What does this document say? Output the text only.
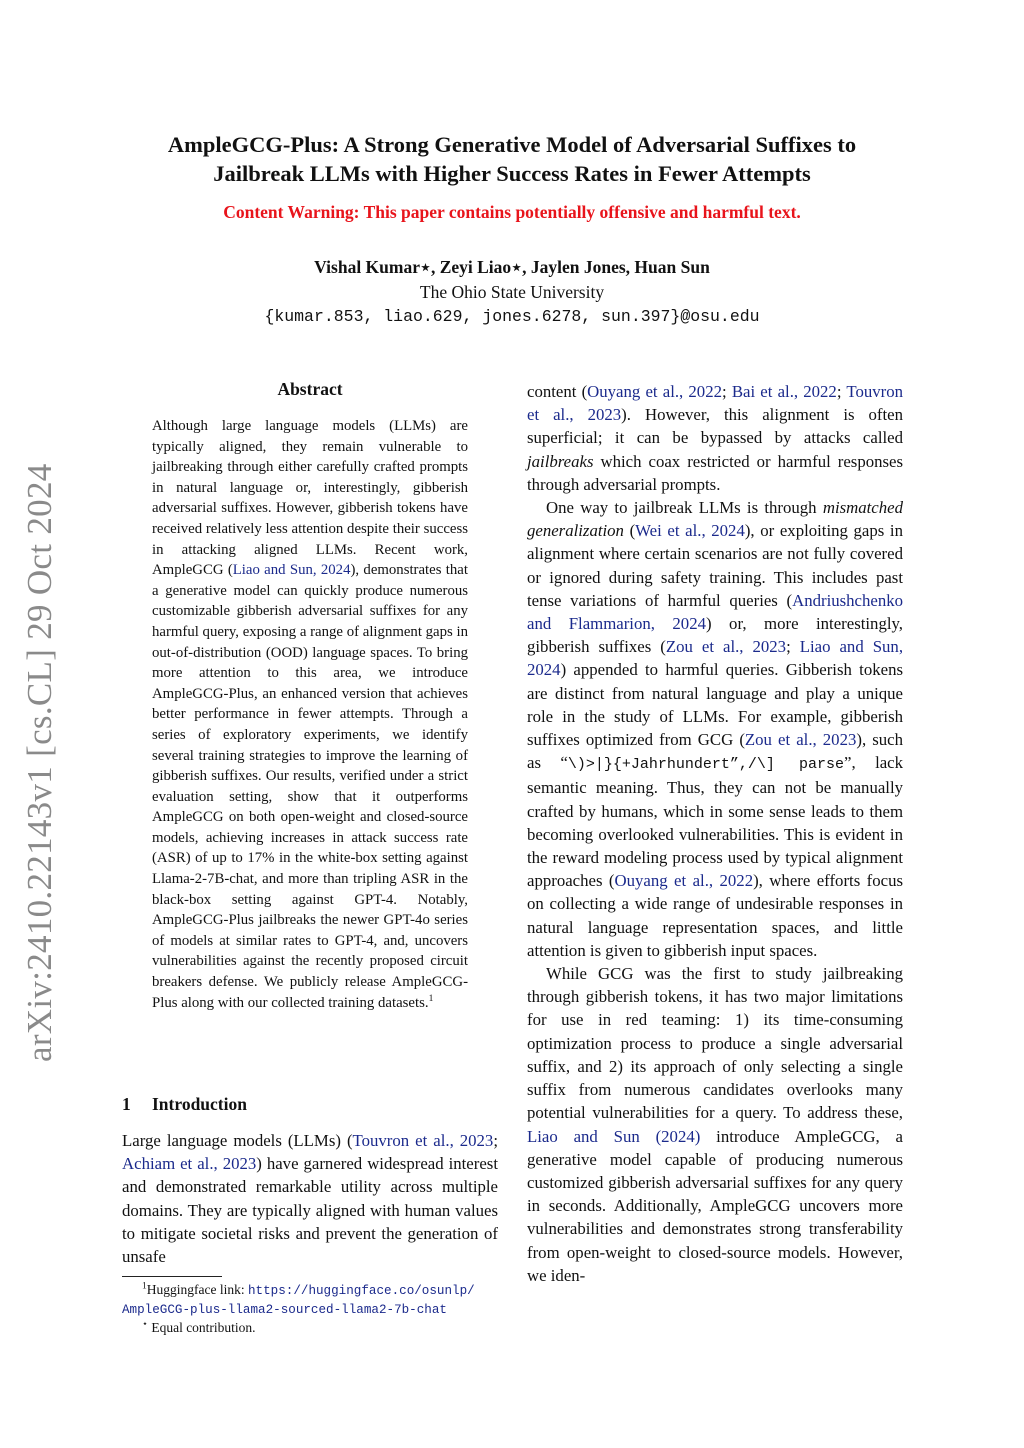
AmpleGCG-Plus: A Strong Generative Model of Adversarial Suffixes to
Jailbreak LLMs with Higher Success Rates in Fewer Attempts
Content Warning: This paper contains potentially offensive and harmful text.
Vishal Kumar⋆, Zeyi Liao⋆, Jaylen Jones, Huan Sun
The Ohio State University
{kumar.853, liao.629, jones.6278, sun.397}@osu.edu
arXiv:2410.22143v1 [cs.CL] 29 Oct 2024
Abstract
Although large language models (LLMs) are typically aligned, they remain vulnerable to jailbreaking through either carefully crafted prompts in natural language or, interestingly, gibberish adversarial suffixes. However, gibberish tokens have received relatively less attention despite their success in attacking aligned LLMs. Recent work, AmpleGCG (Liao and Sun, 2024), demonstrates that a generative model can quickly produce numerous customizable gibberish adversarial suffixes for any harmful query, exposing a range of alignment gaps in out-of-distribution (OOD) language spaces. To bring more attention to this area, we introduce AmpleGCG-Plus, an enhanced version that achieves better performance in fewer attempts. Through a series of exploratory experiments, we identify several training strategies to improve the learning of gibberish suffixes. Our results, verified under a strict evaluation setting, show that it outperforms AmpleGCG on both open-weight and closed-source models, achieving increases in attack success rate (ASR) of up to 17% in the white-box setting against Llama-2-7B-chat, and more than tripling ASR in the black-box setting against GPT-4. Notably, AmpleGCG-Plus jailbreaks the newer GPT-4o series of models at similar rates to GPT-4, and, uncovers vulnerabilities against the recently proposed circuit breakers defense. We publicly release AmpleGCG-Plus along with our collected training datasets.$^1$
1 Introduction
Large language models (LLMs) (Touvron et al., 2023; Achiam et al., 2023) have garnered widespread interest and demonstrated remarkable utility across multiple domains. They are typically aligned with human values to mitigate societal risks and prevent the generation of unsafe

content (Ouyang et al., 2022; Bai et al., 2022; Touvron et al., 2023). However, this alignment is often superficial; it can be bypassed by attacks called jailbreaks which coax restricted or harmful responses through adversarial prompts.

One way to jailbreak LLMs is through mismatched generalization (Wei et al., 2024), or exploiting gaps in alignment where certain scenarios are not fully covered or ignored during safety training. This includes past tense variations of harmful queries (Andriushchenko and Flammarion, 2024) or, more interestingly, gibberish suffixes (Zou et al., 2023; Liao and Sun, 2024) appended to harmful queries. Gibberish tokens are distinct from natural language and play a unique role in the study of LLMs. For example, gibberish suffixes optimized from GCG (Zou et al., 2023), such as “\)>|}{+Jahrhundert”,/\] parse”, lack semantic meaning. Thus, they can not be manually crafted by humans, which in some sense leads to them becoming overlooked vulnerabilities. This is evident in the reward modeling process used by typical alignment approaches (Ouyang et al., 2022), where efforts focus on collecting a wide range of undesirable responses in natural language representation spaces, and little attention is given to gibberish input spaces.

While GCG was the first to study jailbreaking through gibberish tokens, it has two major limitations for use in red teaming: 1) its time-consuming optimization process to produce a single adversarial suffix, and 2) its approach of only selecting a single suffix from numerous candidates overlooks many potential vulnerabilities for a query. To address these, Liao and Sun (2024) introduce AmpleGCG, a generative model capable of producing numerous customized gibberish adversarial suffixes for any query in seconds. Additionally, AmpleGCG uncovers more vulnerabilities and demonstrates strong transferability from open-weight to closed-source models. However, we iden-

$^1$Huggingface link: https://huggingface.co/osunlp/
AmpleGCG-plus-llama2-sourced-llama2-7b-chat
⋆ Equal contribution.
